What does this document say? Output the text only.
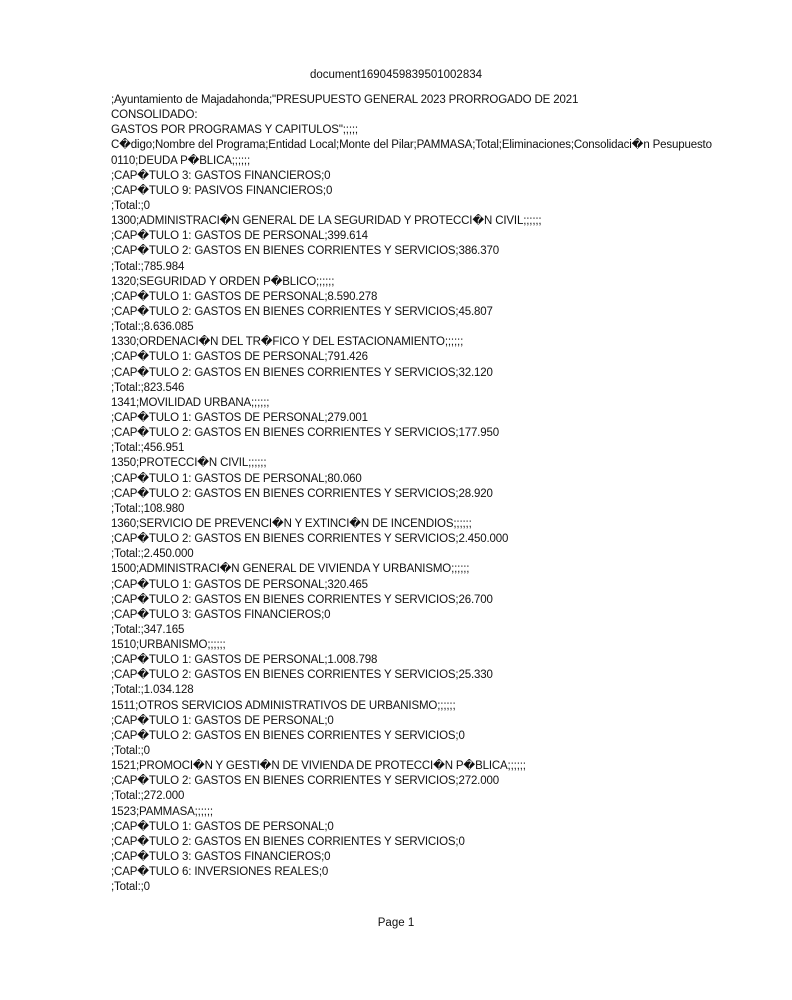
document1690459839501002834
;Ayuntamiento de Majadahonda;"PRESUPUESTO GENERAL 2023 PRORROGADO DE 2021
CONSOLIDADO:
GASTOS POR PROGRAMAS Y CAPITULOS";;;;;
C�digo;Nombre del Programa;Entidad Local;Monte del Pilar;PAMMASA;Total;Eliminaciones;Consolidaci�n Pesupuesto
0110;DEUDA P�BLICA;;;;;;
;CAP�TULO 3: GASTOS FINANCIEROS;0
;CAP�TULO 9: PASIVOS FINANCIEROS;0
;Total:;0
1300;ADMINISTRACI�N GENERAL DE LA SEGURIDAD Y PROTECCI�N CIVIL;;;;;;
;CAP�TULO 1: GASTOS DE PERSONAL;399.614
;CAP�TULO 2: GASTOS EN BIENES CORRIENTES Y SERVICIOS;386.370
;Total:;785.984
1320;SEGURIDAD Y ORDEN P�BLICO;;;;;;
;CAP�TULO 1: GASTOS DE PERSONAL;8.590.278
;CAP�TULO 2: GASTOS EN BIENES CORRIENTES Y SERVICIOS;45.807
;Total:;8.636.085
1330;ORDENACI�N DEL TR�FICO Y DEL ESTACIONAMIENTO;;;;;;
;CAP�TULO 1: GASTOS DE PERSONAL;791.426
;CAP�TULO 2: GASTOS EN BIENES CORRIENTES Y SERVICIOS;32.120
;Total:;823.546
1341;MOVILIDAD URBANA;;;;;;
;CAP�TULO 1: GASTOS DE PERSONAL;279.001
;CAP�TULO 2: GASTOS EN BIENES CORRIENTES Y SERVICIOS;177.950
;Total:;456.951
1350;PROTECCI�N CIVIL;;;;;;
;CAP�TULO 1: GASTOS DE PERSONAL;80.060
;CAP�TULO 2: GASTOS EN BIENES CORRIENTES Y SERVICIOS;28.920
;Total:;108.980
1360;SERVICIO DE PREVENCI�N Y EXTINCI�N DE INCENDIOS;;;;;;
;CAP�TULO 2: GASTOS EN BIENES CORRIENTES Y SERVICIOS;2.450.000
;Total:;2.450.000
1500;ADMINISTRACI�N GENERAL DE VIVIENDA Y URBANISMO;;;;;;
;CAP�TULO 1: GASTOS DE PERSONAL;320.465
;CAP�TULO 2: GASTOS EN BIENES CORRIENTES Y SERVICIOS;26.700
;CAP�TULO 3: GASTOS FINANCIEROS;0
;Total:;347.165
1510;URBANISMO;;;;;;
;CAP�TULO 1: GASTOS DE PERSONAL;1.008.798
;CAP�TULO 2: GASTOS EN BIENES CORRIENTES Y SERVICIOS;25.330
;Total:;1.034.128
1511;OTROS SERVICIOS ADMINISTRATIVOS DE URBANISMO;;;;;;
;CAP�TULO 1: GASTOS DE PERSONAL;0
;CAP�TULO 2: GASTOS EN BIENES CORRIENTES Y SERVICIOS;0
;Total:;0
1521;PROMOCI�N Y GESTI�N DE VIVIENDA DE PROTECCI�N P�BLICA;;;;;;
;CAP�TULO 2: GASTOS EN BIENES CORRIENTES Y SERVICIOS;272.000
;Total:;272.000
1523;PAMMASA;;;;;;
;CAP�TULO 1: GASTOS DE PERSONAL;0
;CAP�TULO 2: GASTOS EN BIENES CORRIENTES Y SERVICIOS;0
;CAP�TULO 3: GASTOS FINANCIEROS;0
;CAP�TULO 6: INVERSIONES REALES;0
;Total:;0
Page 1
